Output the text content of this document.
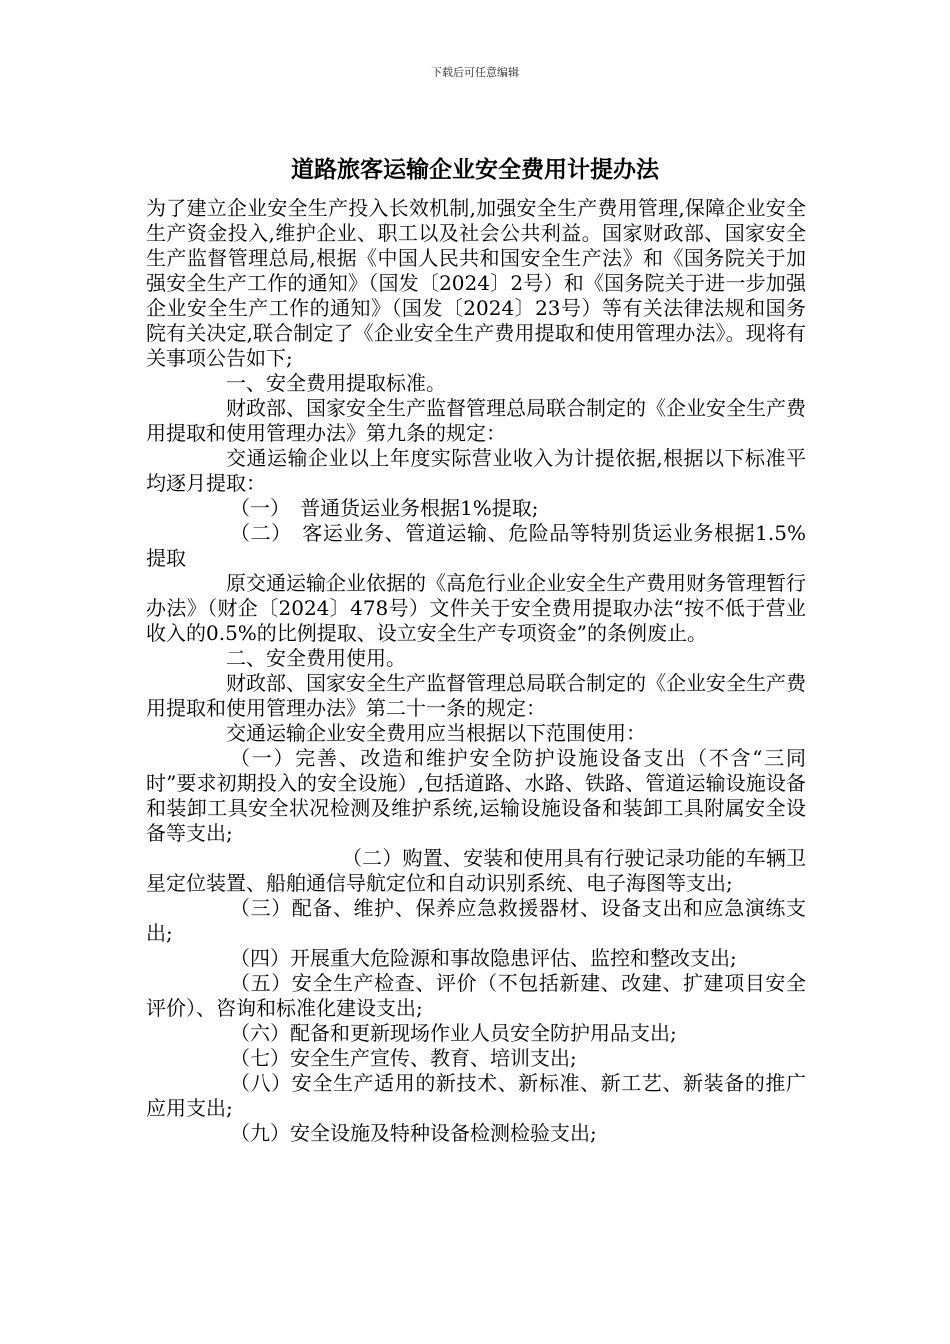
下载后可任意编辑
道路旅客运输企业安全费用计提办法

为了建立企业安全生产投入长效机制,加强安全生产费用管理,保障企业安全生产资金投入,维护企业、职工以及社会公共利益。国家财政部、国家安全生产监督管理总局,根据《中国人民共和国安全生产法》和《国务院关于加强安全生产工作的通知》（国发〔2024〕2号）和《国务院关于进一步加强企业安全生产工作的通知》（国发〔2024〕23号）等有关法律法规和国务院有关决定,联合制定了《企业安全生产费用提取和使用管理办法》。现将有关事项公告如下;

一、安全费用提取标准。

财政部、国家安全生产监督管理总局联合制定的《企业安全生产费用提取和使用管理办法》第九条的规定：

交通运输企业以上年度实际营业收入为计提依据,根据以下标准平均逐月提取：

（一）　普通货运业务根据1%提取;

（二）　客运业务、管道运输、危险品等特别货运业务根据1.5%提取

原交通运输企业依据的《高危行业企业安全生产费用财务管理暂行办法》（财企〔2024〕478号）文件关于安全费用提取办法“按不低于营业收入的0.5%的比例提取、设立安全生产专项资金”的条例废止。

二、安全费用使用。

财政部、国家安全生产监督管理总局联合制定的《企业安全生产费用提取和使用管理办法》第二十一条的规定：

交通运输企业安全费用应当根据以下范围使用：

（一）完善、改造和维护安全防护设施设备支出（不含“三同时”要求初期投入的安全设施）,包括道路、水路、铁路、管道运输设施设备和装卸工具安全状况检测及维护系统,运输设施设备和装卸工具附属安全设备等支出;

（二）购置、安装和使用具有行驶记录功能的车辆卫星定位装置、船舶通信导航定位和自动识别系统、电子海图等支出;

（三）配备、维护、保养应急救援器材、设备支出和应急演练支出;

（四）开展重大危险源和事故隐患评估、监控和整改支出;

（五）安全生产检查、评价（不包括新建、改建、扩建项目安全评价）、咨询和标准化建设支出;

（六）配备和更新现场作业人员安全防护用品支出;

（七）安全生产宣传、教育、培训支出;

（八）安全生产适用的新技术、新标准、新工艺、新装备的推广应用支出;

（九）安全设施及特种设备检测检验支出;
